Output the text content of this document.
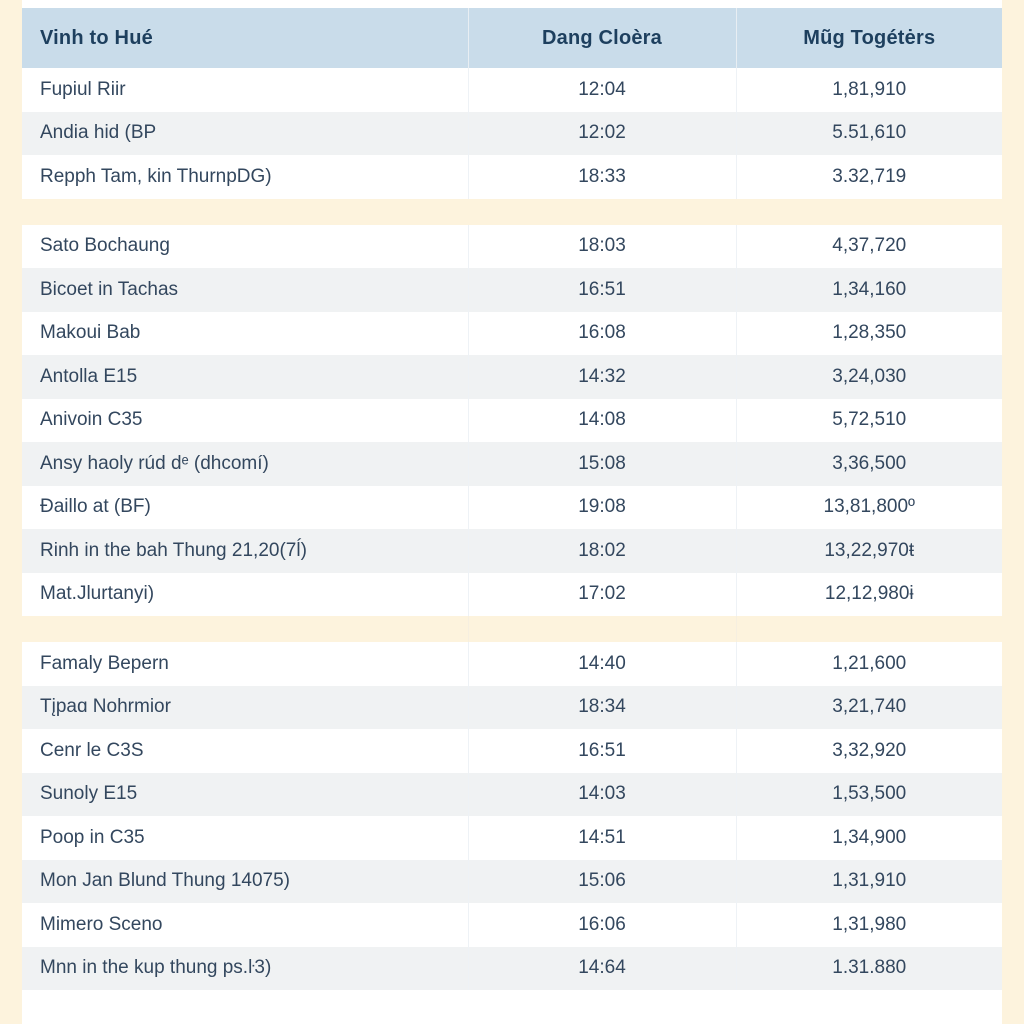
Vinh to Hué	Dang Cloèra	Mũg Togétėrs
Fupiul Riir	12:04	1,81,910
Andia hid (BP	12:02	5.51,610
Repph Tam, kin ThurnpDG)	18:33	3.32,719

Sato Bochaung	18:03	4,37,720
Bicoet in Tachas	16:51	1,34,160
Makoui Bab	16:08	1,28,350
Antolla E15	14:32	3,24,030
Anivoin C35	14:08	5,72,510
Ansy haoly rúd dᵉ (dhcomí)	15:08	3,36,500
Ðaillo at (BF)	19:08	13,81,800º
Rinh in the bah Thung 21,20(7ĺ)	18:02	13,22,970ŧ
Mat.Jlurtanyi)	17:02	12,12,980ɨ

Famaly Bepern	14:40	1,21,600
Tįpaɑ Nohrmior	18:34	3,21,740
Cenr le C3S	16:51	3,32,920
Sunoly E15	14:03	1,53,500
Poop in C35	14:51	1,34,900
Mon Jan Blund Thung 14075)	15:06	1,31,910
Mimero Sceno	16:06	1,31,980
Mnn in the kup thung ps.ŀ3)	14:64	1.31.880
